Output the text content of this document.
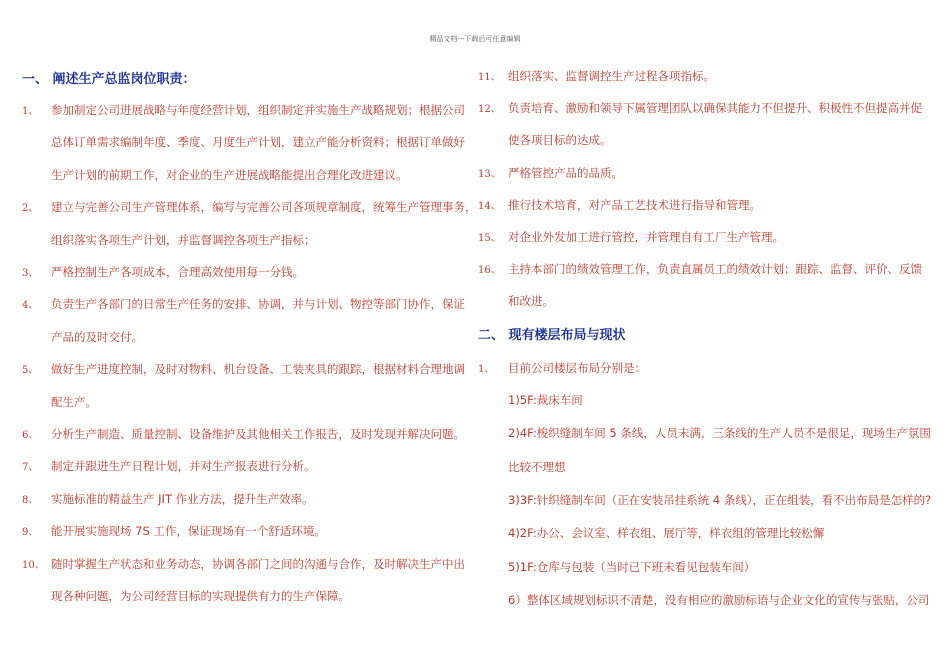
精品文档---下载后可任意编辑
一、 阐述生产总监岗位职责：
1、 参加制定公司进展战略与年度经营计划，组织制定并实施生产战略规划；根据公司
总体订单需求编制年度、季度、月度生产计划，建立产能分析资料；根据订单做好
生产计划的前期工作，对企业的生产进展战略能提出合理化改进建议。
2、 建立与完善公司生产管理体系，编写与完善公司各项规章制度，统筹生产管理事务，
组织落实各项生产计划，并监督调控各项生产指标；
3、 严格控制生产各项成本，合理高效使用每一分钱。
4、 负责生产各部门的日常生产任务的安排、协调，并与计划、物控等部门协作，保证
产品的及时交付。
5、 做好生产进度控制，及时对物料、机台设备、工装夹具的跟踪，根据材料合理地调
配生产。
6、 分析生产制造、质量控制、设备维护及其他相关工作报告，及时发现并解决问题。
7、 制定并跟进生产日程计划，并对生产报表进行分析。
8、 实施标准的精益生产 JIT 作业方法，提升生产效率。
9、 能开展实施现场 7S 工作，保证现场有一个舒适环境。
10、 随时掌握生产状态和业务动态，协调各部门之间的沟通与合作，及时解决生产中出
现各种问题，为公司经营目标的实现提供有力的生产保障。
11、 组织落实、监督调控生产过程各项指标。
12、 负责培育、激励和领导下属管理团队以确保其能力不但提升、积极性不但提高并促
使各项目标的达成。
13、 严格管控产品的品质。
14、 推行技术培育，对产品工艺技术进行指导和管理。
15、 对企业外发加工进行管控，并管理自有工厂生产管理。
16、 主持本部门的绩效管理工作，负责直属员工的绩效计划；跟踪、监督、评价、反馈
和改进。
二、 现有楼层布局与现状
1、 目前公司楼层布局分别是：
1)5F:裁床车间
2)4F:梭织缝制车间 5 条线，人员未满，三条线的生产人员不是很足，现场生产氛围
比较不理想
3)3F:针织缝制车间（正在安装吊挂系统 4 条线），正在组装，看不出布局是怎样的?
4)2F:办公、会议室、样衣组、展厅等，样衣组的管理比较松懈
5)1F:仓库与包装（当时已下班未看见包装车间）
6）整体区域规划标识不清楚，没有相应的激励标语与企业文化的宣传与张贴，公司
